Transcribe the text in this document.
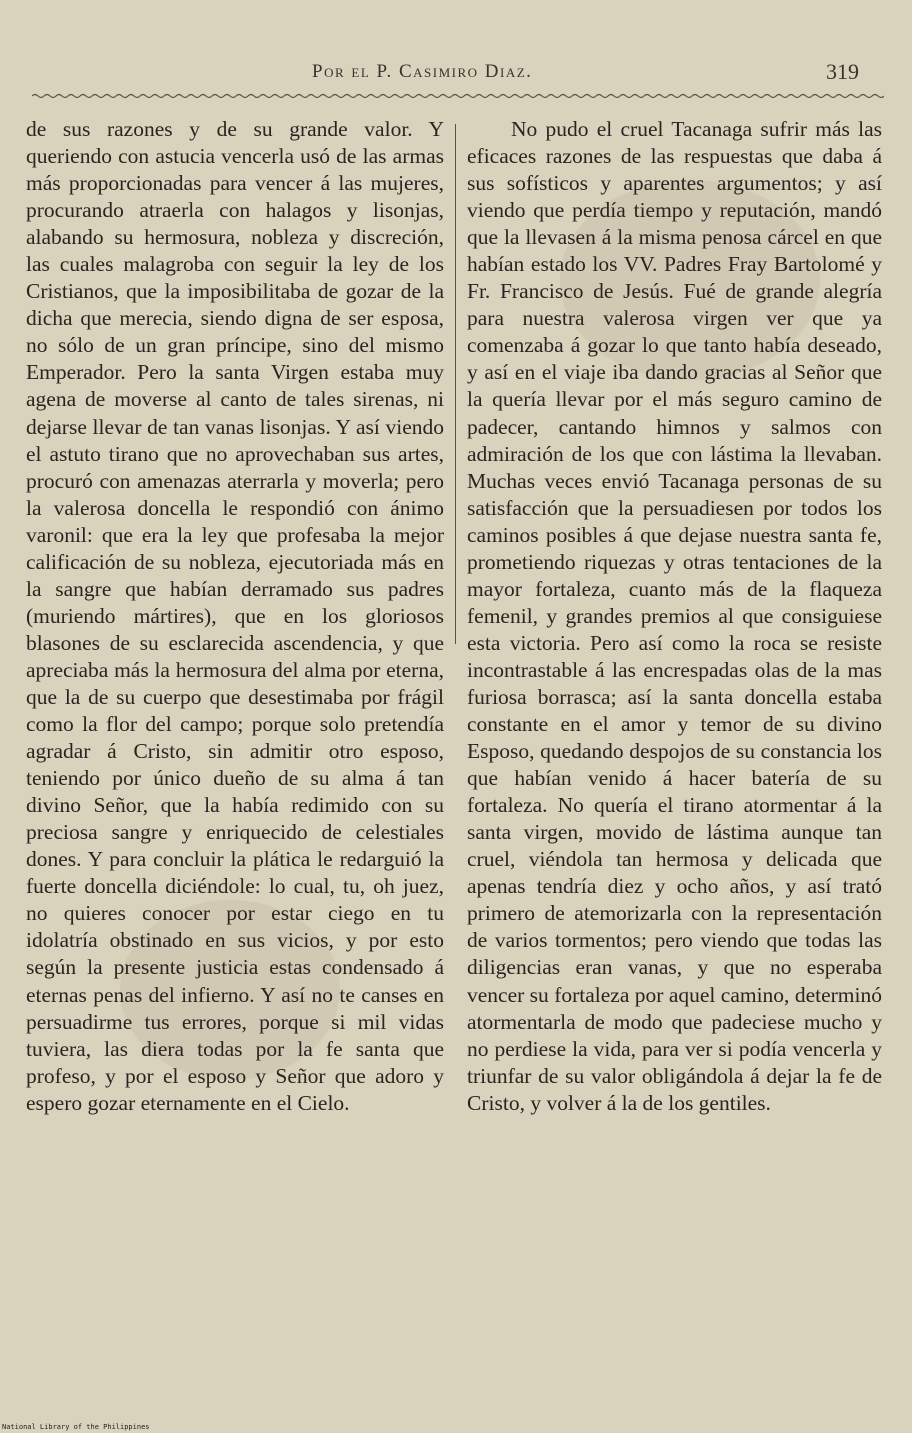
Por el P. Casimiro Diaz.	319

de sus razones y de su grande valor. Y queriendo con astucia vencerla usó de las armas más proporcionadas para vencer á las mujeres, procurando atraerla con halagos y lisonjas, alabando su hermosura, nobleza y discreción, las cuales malagroba con seguir la ley de los Cristianos, que la imposibilitaba de gozar de la dicha que merecia, siendo digna de ser esposa, no sólo de un gran príncipe, sino del mismo Emperador. Pero la santa Virgen estaba muy agena de moverse al canto de tales sirenas, ni dejarse llevar de tan vanas lisonjas. Y así viendo el astuto tirano que no aprovechaban sus artes, procuró con amenazas aterrarla y moverla; pero la valerosa doncella le respondió con ánimo varonil: que era la ley que profesaba la mejor calificación de su nobleza, ejecutoriada más en la sangre que habían derramado sus padres (muriendo mártires), que en los gloriosos blasones de su esclarecida ascendencia, y que apreciaba más la hermosura del alma por eterna, que la de su cuerpo que desestimaba por frágil como la flor del campo; porque solo pretendía agradar á Cristo, sin admitir otro esposo, teniendo por único dueño de su alma á tan divino Señor, que la había redimido con su preciosa sangre y enriquecido de celestiales dones. Y para concluir la plática le redarguió la fuerte doncella diciéndole: lo cual, tu, oh juez, no quieres conocer por estar ciego en tu idolatría obstinado en sus vicios, y por esto según la presente justicia estas condensado á eternas penas del infierno. Y así no te canses en persuadirme tus errores, porque si mil vidas tuviera, las diera todas por la fe santa que profeso, y por el esposo y Señor que adoro y espero gozar eternamente en el Cielo.

No pudo el cruel Tacanaga sufrir más las eficaces razones de las respuestas que daba á sus sofísticos y aparentes argumentos; y así viendo que perdía tiempo y reputación, mandó que la llevasen á la misma penosa cárcel en que habían estado los VV. Padres Fray Bartolomé y Fr. Francisco de Jesús. Fué de grande alegría para nuestra valerosa virgen ver que ya comenzaba á gozar lo que tanto había deseado, y así en el viaje iba dando gracias al Señor que la quería llevar por el más seguro camino de padecer, cantando himnos y salmos con admiración de los que con lástima la llevaban. Muchas veces envió Tacanaga personas de su satisfacción que la persuadiesen por todos los caminos posibles á que dejase nuestra santa fe, prometiendo riquezas y otras tentaciones de la mayor fortaleza, cuanto más de la flaqueza femenil, y grandes premios al que consiguiese esta victoria. Pero así como la roca se resiste incontrastable á las encrespadas olas de la mas furiosa borrasca; así la santa doncella estaba constante en el amor y temor de su divino Esposo, quedando despojos de su constancia los que habían venido á hacer batería de su fortaleza. No quería el tirano atormentar á la santa virgen, movido de lástima aunque tan cruel, viéndola tan hermosa y delicada que apenas tendría diez y ocho años, y así trató primero de atemorizarla con la representación de varios tormentos; pero viendo que todas las diligencias eran vanas, y que no esperaba vencer su fortaleza por aquel camino, determinó atormentarla de modo que padeciese mucho y no perdiese la vida, para ver si podía vencerla y triunfar de su valor obligándola á dejar la fe de Cristo, y volver á la de los gentiles.

National Library of the Philippines
